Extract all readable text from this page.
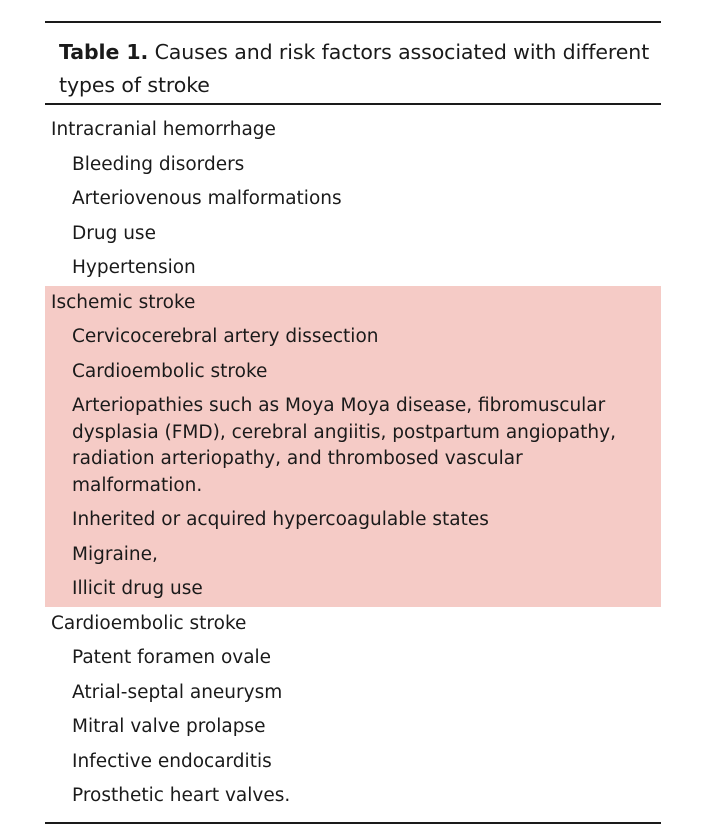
Table 1. Causes and risk factors associated with different types of stroke
Intracranial hemorrhage
Bleeding disorders
Arteriovenous malformations
Drug use
Hypertension
Ischemic stroke
Cervicocerebral artery dissection
Cardioembolic stroke
Arteriopathies such as Moya Moya disease, fibromuscular dysplasia (FMD), cerebral angiitis, postpartum angiopathy, radiation arteriopathy, and thrombosed vascular malformation.
Inherited or acquired hypercoagulable states
Migraine,
Illicit drug use
Cardioembolic stroke
Patent foramen ovale
Atrial-septal aneurysm
Mitral valve prolapse
Infective endocarditis
Prosthetic heart valves.
